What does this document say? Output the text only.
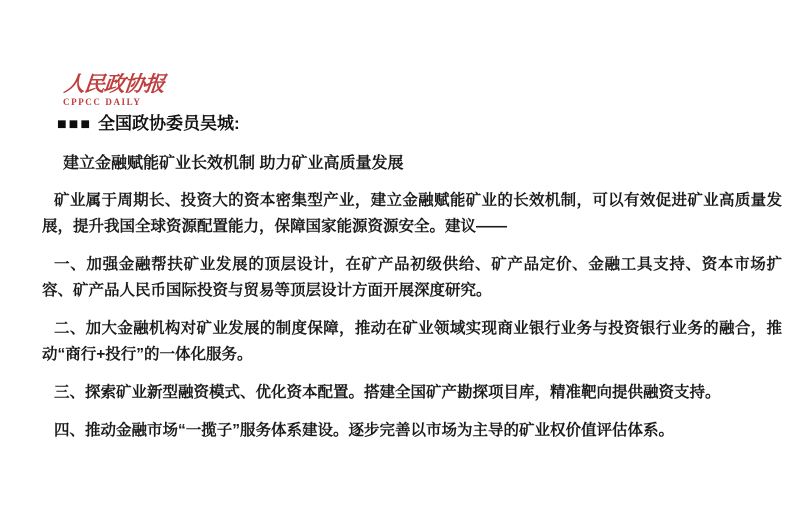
人民政协报
CPPCC DAILY
■■■ 全国政协委员吴城:
建立金融赋能矿业长效机制 助力矿业高质量发展

矿业属于周期长、投资大的资本密集型产业，建立金融赋能矿业的长效机制，可以有效促进矿业高质量发展，提升我国全球资源配置能力，保障国家能源资源安全。建议——

一、加强金融帮扶矿业发展的顶层设计，在矿产品初级供给、矿产品定价、金融工具支持、资本市场扩容、矿产品人民币国际投资与贸易等顶层设计方面开展深度研究。

二、加大金融机构对矿业发展的制度保障，推动在矿业领域实现商业银行业务与投资银行业务的融合，推动“商行+投行”的一体化服务。

三、探索矿业新型融资模式、优化资本配置。搭建全国矿产勘探项目库，精准靶向提供融资支持。

四、推动金融市场“一揽子”服务体系建设。逐步完善以市场为主导的矿业权价值评估体系。
